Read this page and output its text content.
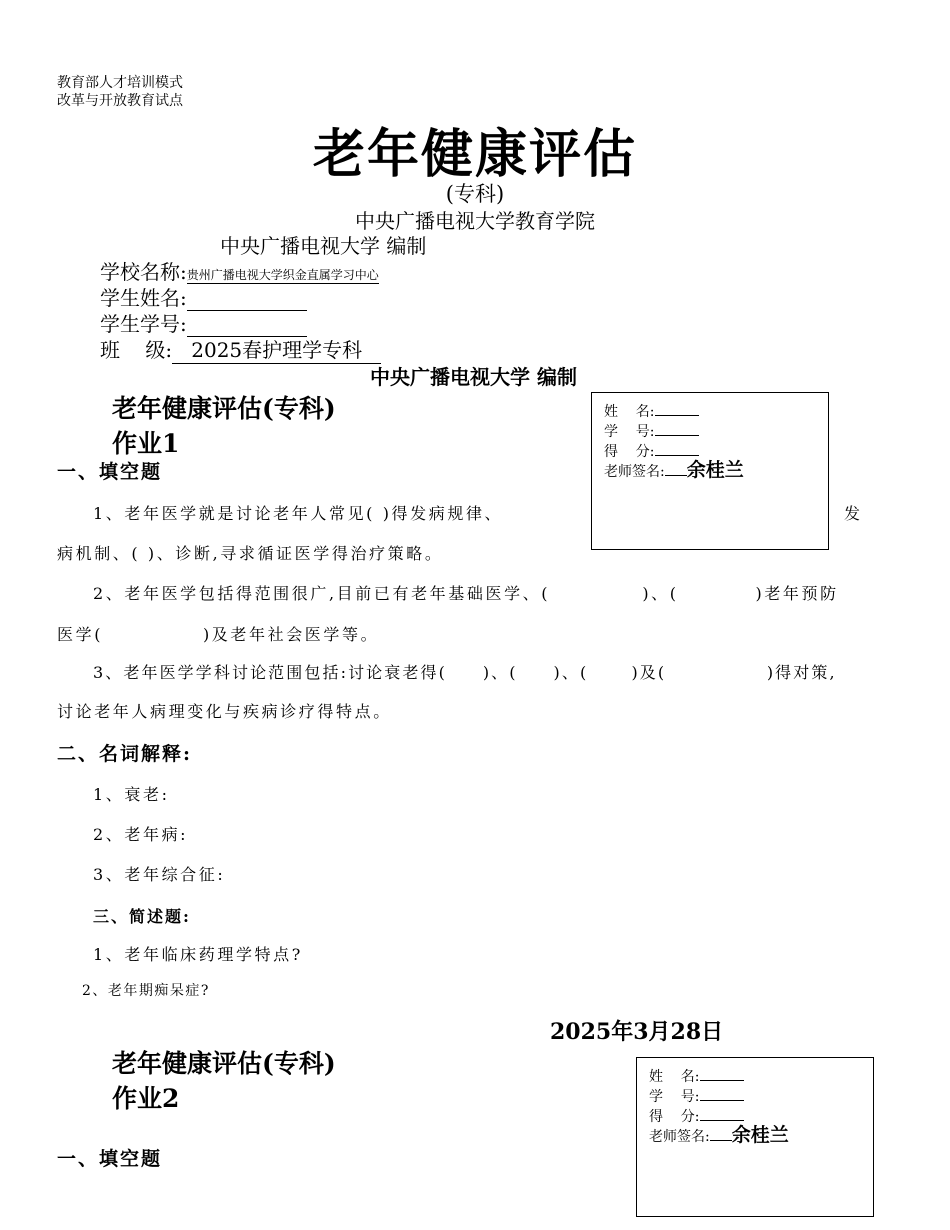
教育部人才培训模式
改革与开放教育试点
老年健康评估
(专科)
中央广播电视大学教育学院
中央广播电视大学 编制
学校名称:贵州广播电视大学织金直属学习中心
学生姓名:
学生学号:
班    级:   2025春护理学专科
中央广播电视大学 编制
老年健康评估(专科)
作业1
姓    名:
学    号:
得    分:
老师签名: 余桂兰
一、填空题
1、老年医学就是讨论老年人常见( )得发病规律、	发
病机制、( )、诊断,寻求循证医学得治疗策略。
2、老年医学包括得范围很广,目前已有老年基础医学、(            )、(          )老年预防
医学(             )及老年社会医学等。
3、老年医学学科讨论范围包括:讨论衰老得(     )、(     )、(      )及(              )得对策,
讨论老年人病理变化与疾病诊疗得特点。
二、名词解释:
1、衰老:
2、老年病:
3、老年综合征:
三、简述题:
1、老年临床药理学特点?
2、老年期痴呆症?
2025年3月28日
老年健康评估(专科)
作业2
姓    名:
学    号:
得    分:
老师签名: 余桂兰
一、填空题
